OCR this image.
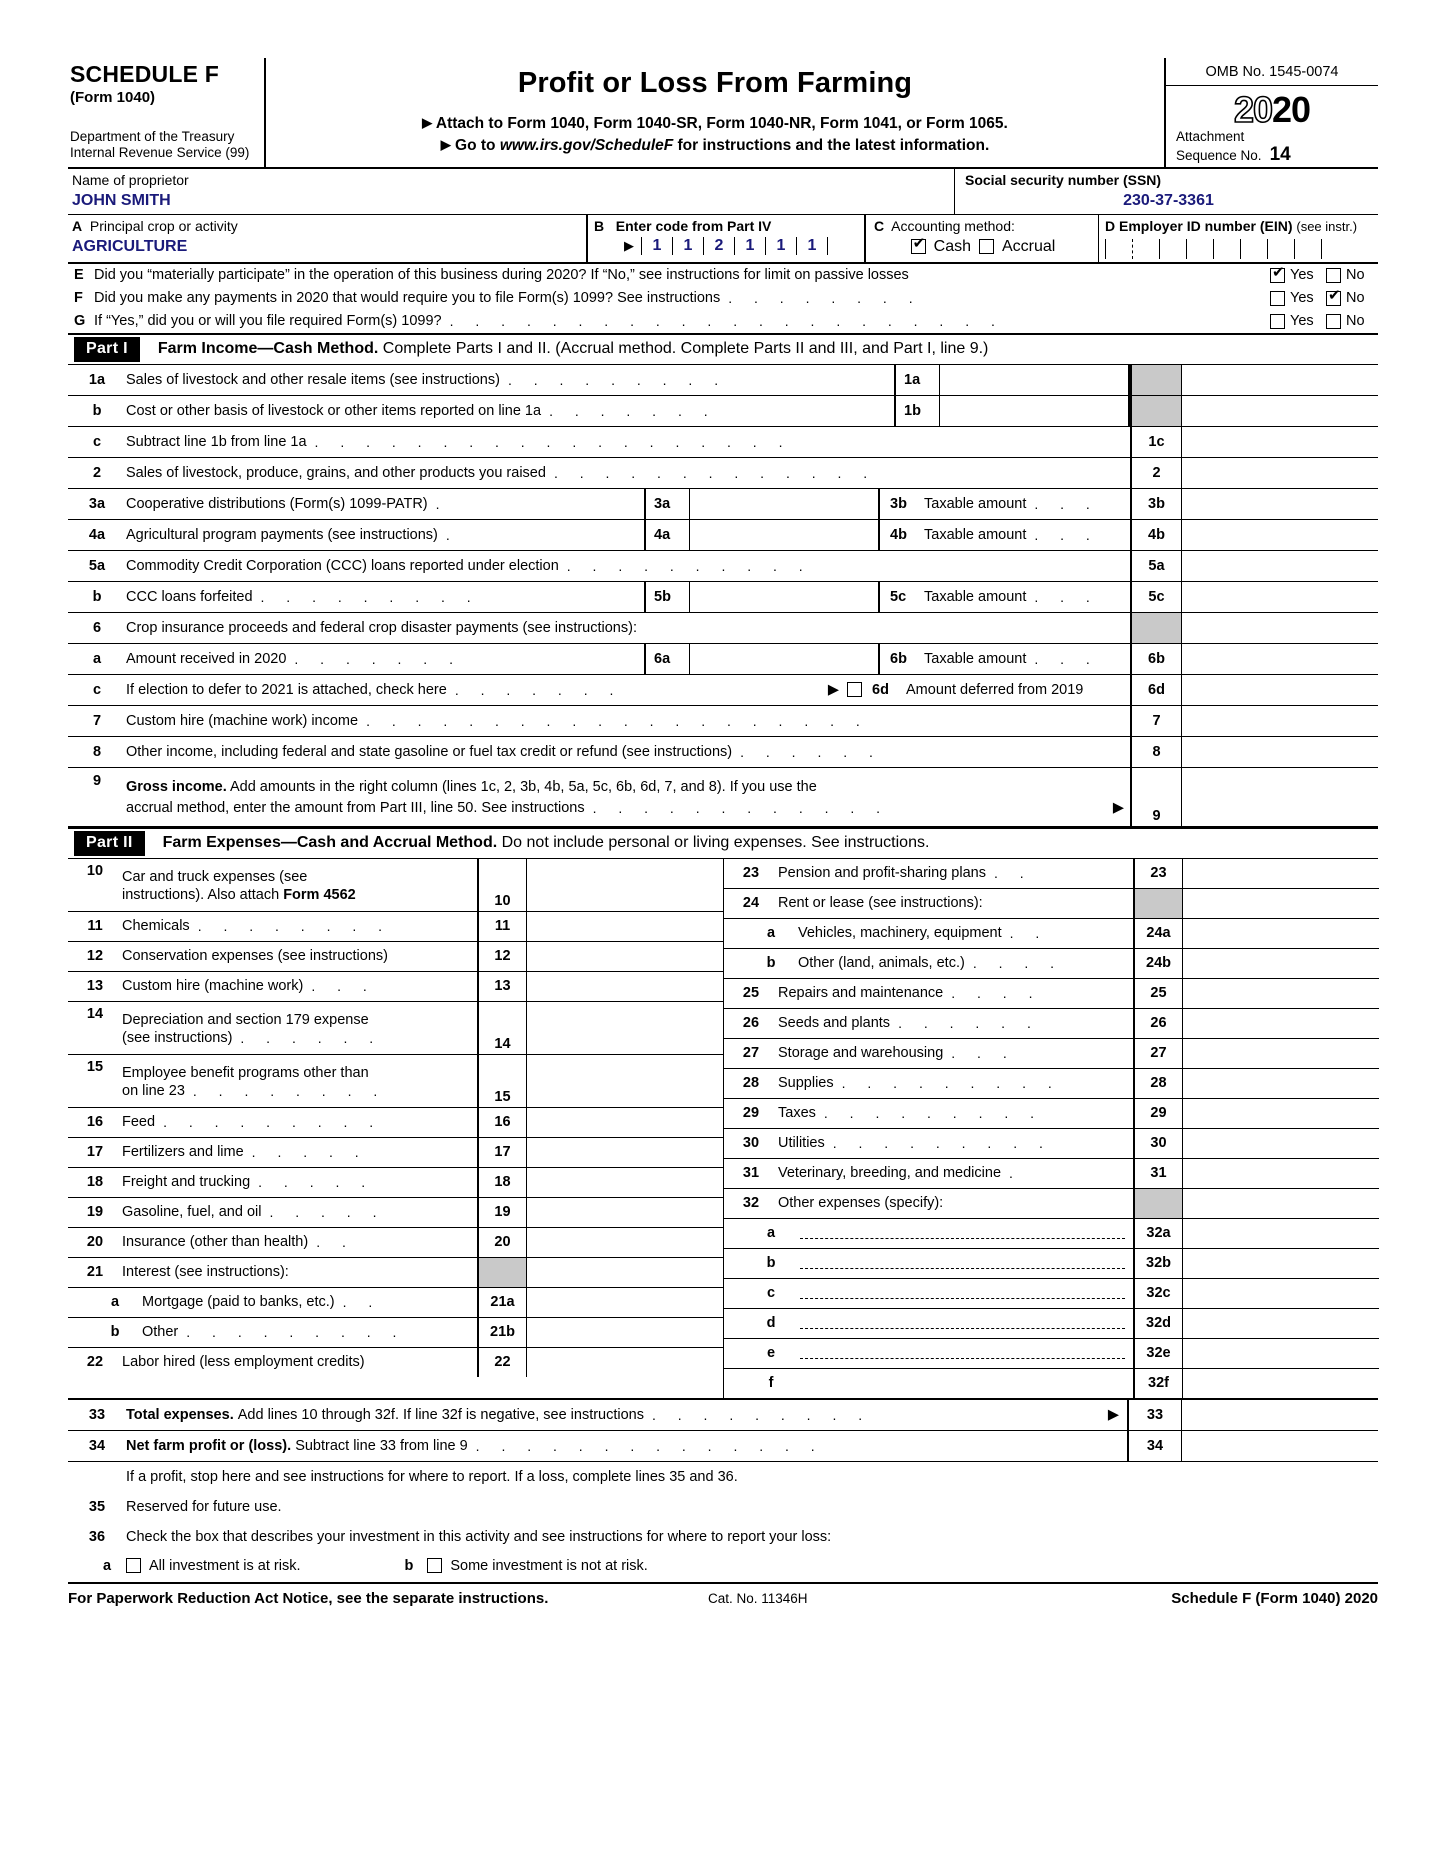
SCHEDULE F
(Form 1040)
Department of the Treasury
Internal Revenue Service (99)
Profit or Loss From Farming
▶ Attach to Form 1040, Form 1040-SR, Form 1040-NR, Form 1041, or Form 1065.
▶ Go to www.irs.gov/ScheduleF for instructions and the latest information.
OMB No. 1545-0074
2020
Attachment
Sequence No. 14
Name of proprietor
JOHN SMITH
Social security number (SSN)
230-37-3361
A Principal crop or activity
AGRICULTURE
B Enter code from Part IV
▶	1	1	2	1	1	1
C Accounting method:
✔
Cash Accrual
D Employer ID number (EIN) (see instr.)
E Did you “materially participate” in the operation of this business during 2020? If “No,” see instructions for limit on passive losses ✔	Yes No
F Did you make any payments in 2020 that would require you to file Form(s) 1099? See instructions . . . . . . . .	Yes ✔ No
G If “Yes,” did you or will you file required Form(s) 1099? . . . . . . . . . . . . . . . . . . . . . .	Yes No
Part I	Farm Income—Cash Method. Complete Parts I and II. (Accrual method. Complete Parts II and III, and Part I, line 9.)
1a	Sales of livestock and other resale items (see instructions) . . . . . . . . .	1a
b	Cost or other basis of livestock or other items reported on line 1a . . . . . . .	1b
c	Subtract line 1b from line 1a . . . . . . . . . . . . . . . . . . .	1c
2	Sales of livestock, produce, grains, and other products you raised . . . . . . . . . . . . .	2
3a	Cooperative distributions (Form(s) 1099-PATR) .	3a	3b	Taxable amount . . .	3b
4a	Agricultural program payments (see instructions) .	4a	4b	Taxable amount . . .	4b
5a	Commodity Credit Corporation (CCC) loans reported under election . . . . . . . . . .	5a
b	CCC loans forfeited . . . . . . . . .	5b	5c	Taxable amount . . .	5c
6	Crop insurance proceeds and federal crop disaster payments (see instructions):
a	Amount received in 2020 . . . . . . .	6a	6b	Taxable amount . . .	6b
c	If election to defer to 2021 is attached, check here . . . . . . .	▶	6d	Amount deferred from 2019	6d
7	Custom hire (machine work) income . . . . . . . . . . . . . . . . . . . .	7
8	Other income, including federal and state gasoline or fuel tax credit or refund (see instructions) . . . . . .	8
9	Gross income. Add amounts in the right column (lines 1c, 2, 3b, 4b, 5a, 5c, 6b, 6d, 7, and 8). If you use the
accrual method, enter the amount from Part III, line 50. See instructions . . . . . . . . . . . .	▶	9
Part II	Farm Expenses—Cash and Accrual Method. Do not include personal or living expenses. See instructions.
10	Car and truck expenses (see
instructions). Also attach Form 4562	10
11	Chemicals . . . . . . . .	11
12	Conservation expenses (see instructions)	12
13	Custom hire (machine work) . . .	13
14	Depreciation and section 179 expense
(see instructions) . . . . . .	14
15	Employee benefit programs other than
on line 23 . . . . . . . .	15
16	Feed . . . . . . . . .	16
17	Fertilizers and lime . . . . .	17
18	Freight and trucking . . . . .	18
19	Gasoline, fuel, and oil . . . . .	19
20	Insurance (other than health) . .	20
21	Interest (see instructions):
a	Mortgage (paid to banks, etc.) . .	21a
b	Other . . . . . . . . .	21b
22	Labor hired (less employment credits)	22
23	Pension and profit-sharing plans . .	23
24	Rent or lease (see instructions):
a	Vehicles, machinery, equipment . .	24a
b	Other (land, animals, etc.) . . . .	24b
25	Repairs and maintenance . . . .	25
26	Seeds and plants . . . . . .	26
27	Storage and warehousing . . .	27
28	Supplies . . . . . . . . .	28
29	Taxes . . . . . . . . .	29
30	Utilities . . . . . . . . .	30
31	Veterinary, breeding, and medicine .	31
32	Other expenses (specify):
a	32a
b	32b
c	32c
d	32d
e	32e
f	32f
33	Total expenses.
Add lines 10 through 32f. If line 32f is negative, see instructions . . . . . . . . .	▶	33
34	Net farm profit or (loss).
Subtract line 33 from line 9 . . . . . . . . . . . . . .	34
If a profit, stop here and see instructions for where to report. If a loss, complete lines 35 and 36.
35	Reserved for future use.
36	Check the box that describes your investment in this activity and see instructions for where to report your loss:
a	All investment is at risk.	b	Some investment is not at risk.
For Paperwork Reduction Act Notice, see the separate instructions.	Cat. No. 11346H	Schedule F (Form 1040) 2020
